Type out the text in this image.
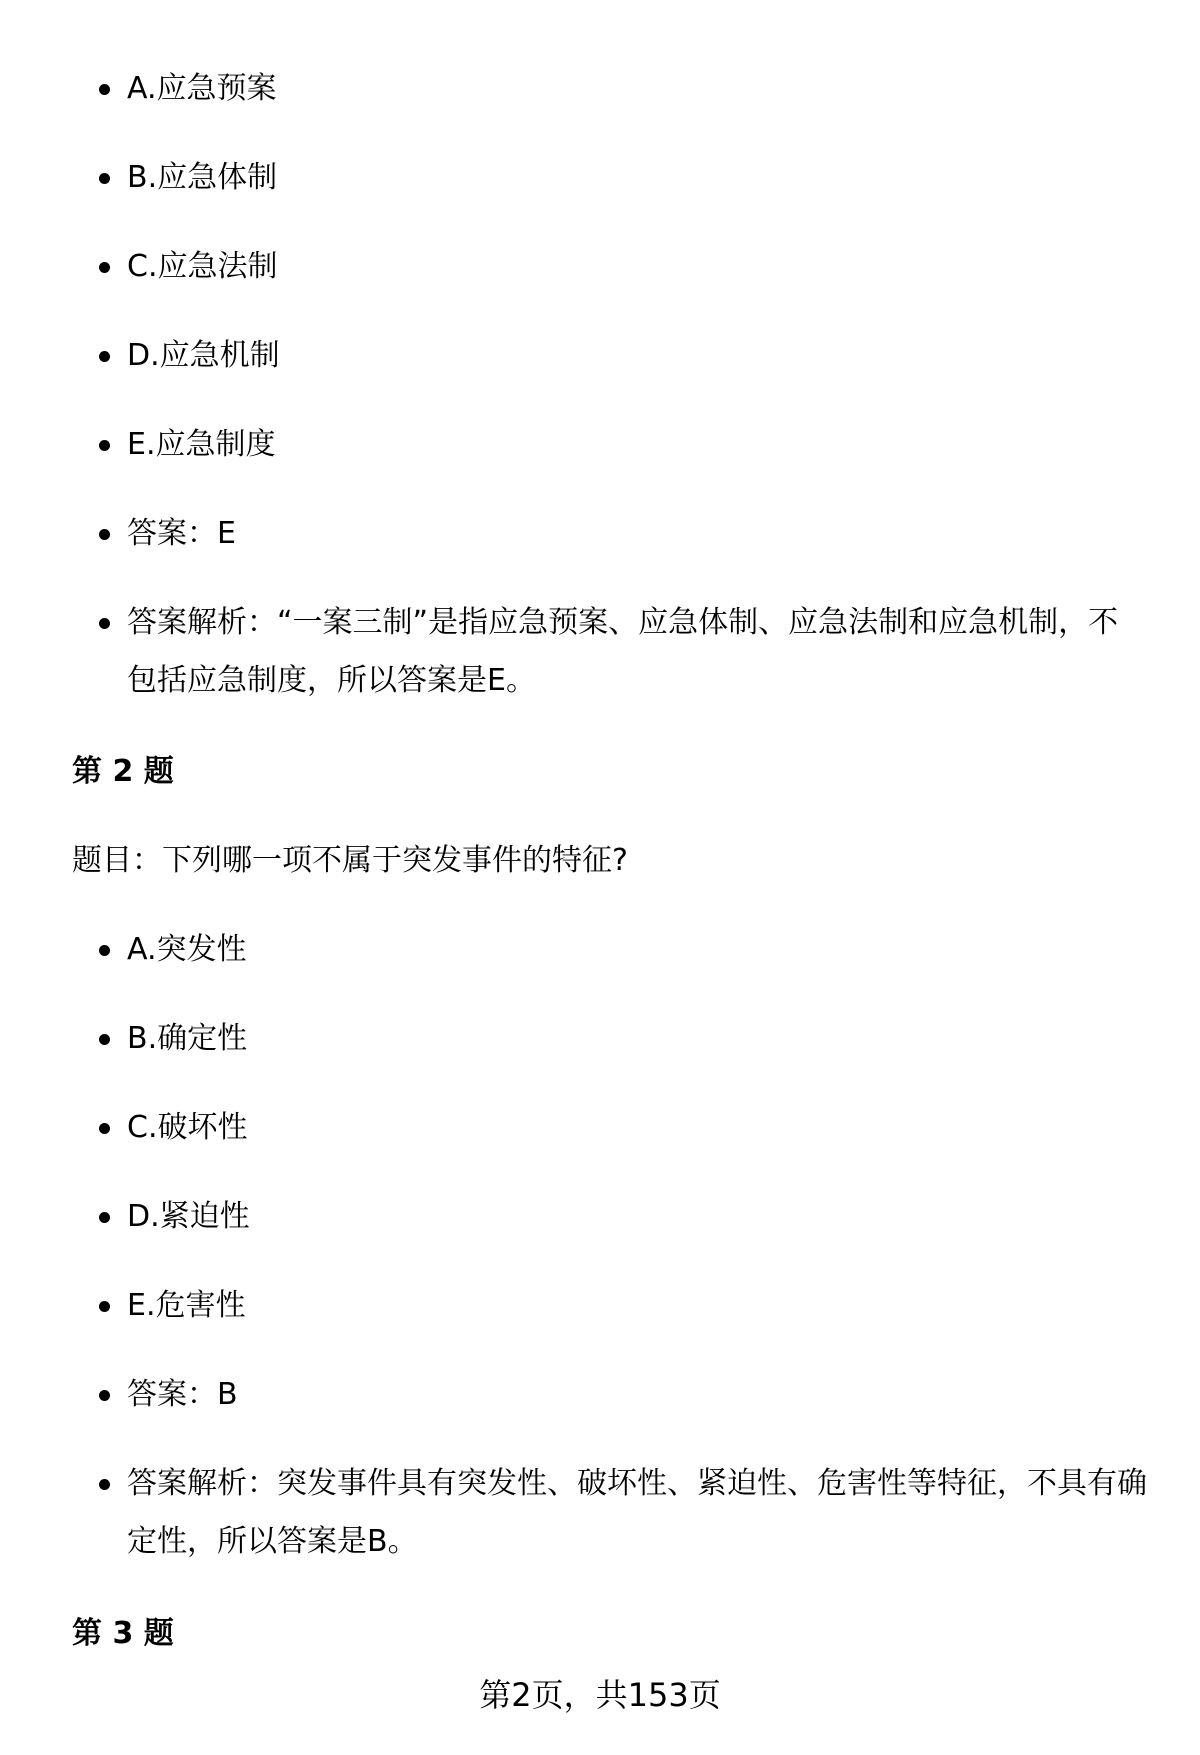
A.应急预案
B.应急体制
C.应急法制
D.应急机制
E.应急制度
答案：E
答案解析：“一案三制”是指应急预案、应急体制、应急法制和应急机制，不包括应急制度，所以答案是E。
第 2 题

题目：下列哪一项不属于突发事件的特征?

A.突发性
B.确定性
C.破坏性
D.紧迫性
E.危害性
答案：B
答案解析：突发事件具有突发性、破坏性、紧迫性、危害性等特征，不具有确定性，所以答案是B。
第 3 题
第2页，共153页
